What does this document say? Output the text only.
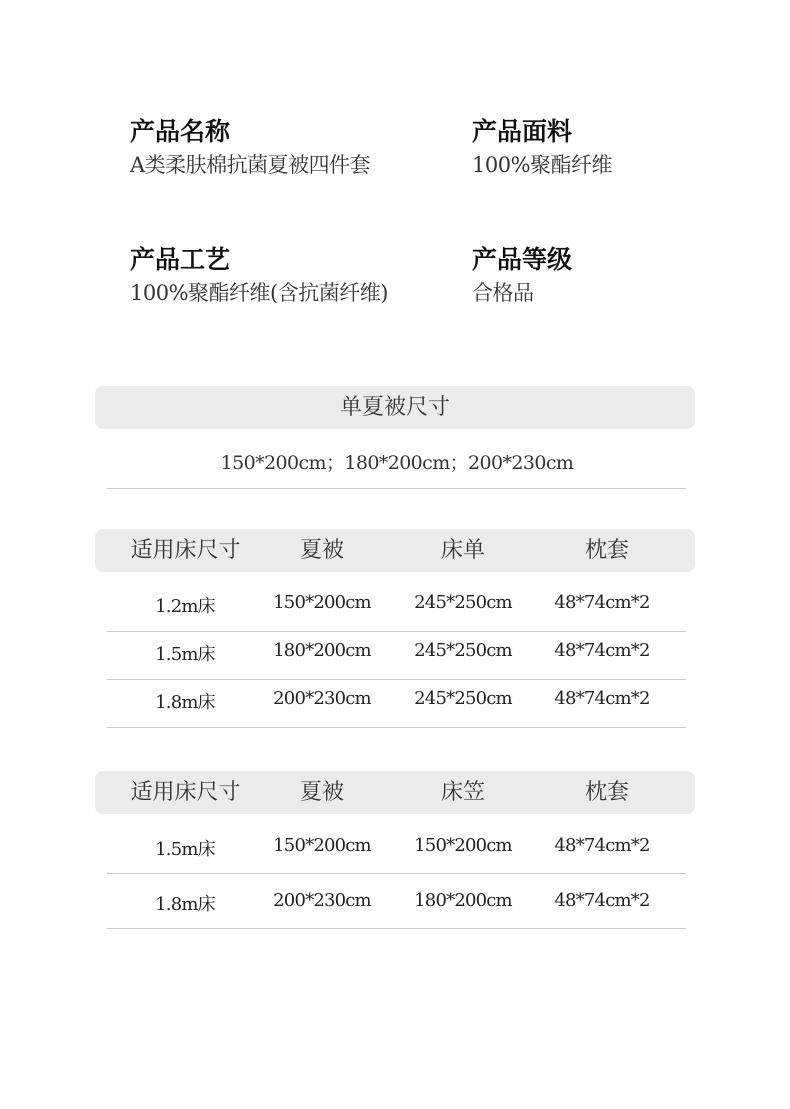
产品名称
A类柔肤棉抗菌夏被四件套
产品面料
100%聚酯纤维
产品工艺
100%聚酯纤维(含抗菌纤维)
产品等级
合格品
单夏被尺寸
150*200cm；180*200cm；200*230cm
适用床尺寸	夏被	床单	枕套
1.2m床	150*200cm	245*250cm	48*74cm*2
1.5m床	180*200cm	245*250cm	48*74cm*2
1.8m床	200*230cm	245*250cm	48*74cm*2
适用床尺寸	夏被	床笠	枕套
1.5m床	150*200cm	150*200cm	48*74cm*2
1.8m床	200*230cm	180*200cm	48*74cm*2
